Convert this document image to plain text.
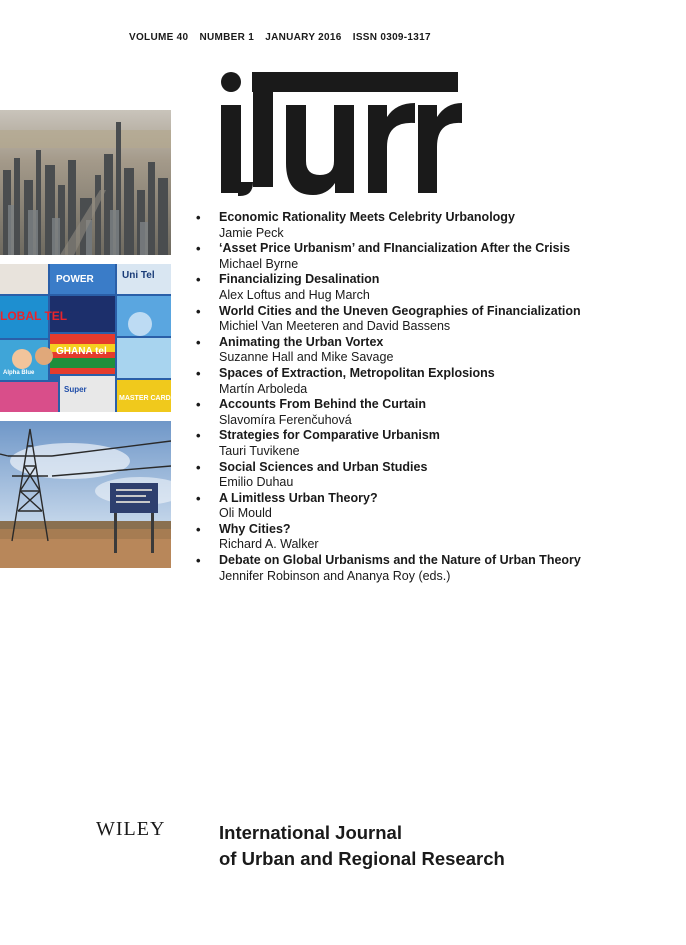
VOLUME 40 NUMBER 1 JANUARY 2016 ISSN 0309-1317
POWER	Uni Tel
GHANA tel
Super
MASTER CARD
LOBAL TEL
Alpha Blue
• Economic Rationality Meets Celebrity Urbanology
Jamie Peck
• ‘Asset Price Urbanism’ and FInancialization After the Crisis
Michael Byrne
• Financializing Desalination
Alex Loftus and Hug March
• World Cities and the Uneven Geographies of Financialization
Michiel Van Meeteren and David Bassens
• Animating the Urban Vortex
Suzanne Hall and Mike Savage
• Spaces of Extraction, Metropolitan Explosions
Martín Arboleda
• Accounts From Behind the Curtain
Slavomíra Ferenčuhová
• Strategies for Comparative Urbanism
Tauri Tuvikene
• Social Sciences and Urban Studies
Emilio Duhau
• A Limitless Urban Theory?
Oli Mould
• Why Cities?
Richard A. Walker
• Debate on Global Urbanisms and the Nature of Urban Theory
Jennifer Robinson and Ananya Roy (eds.)
WILEY	International Journal
of Urban and Regional Research
